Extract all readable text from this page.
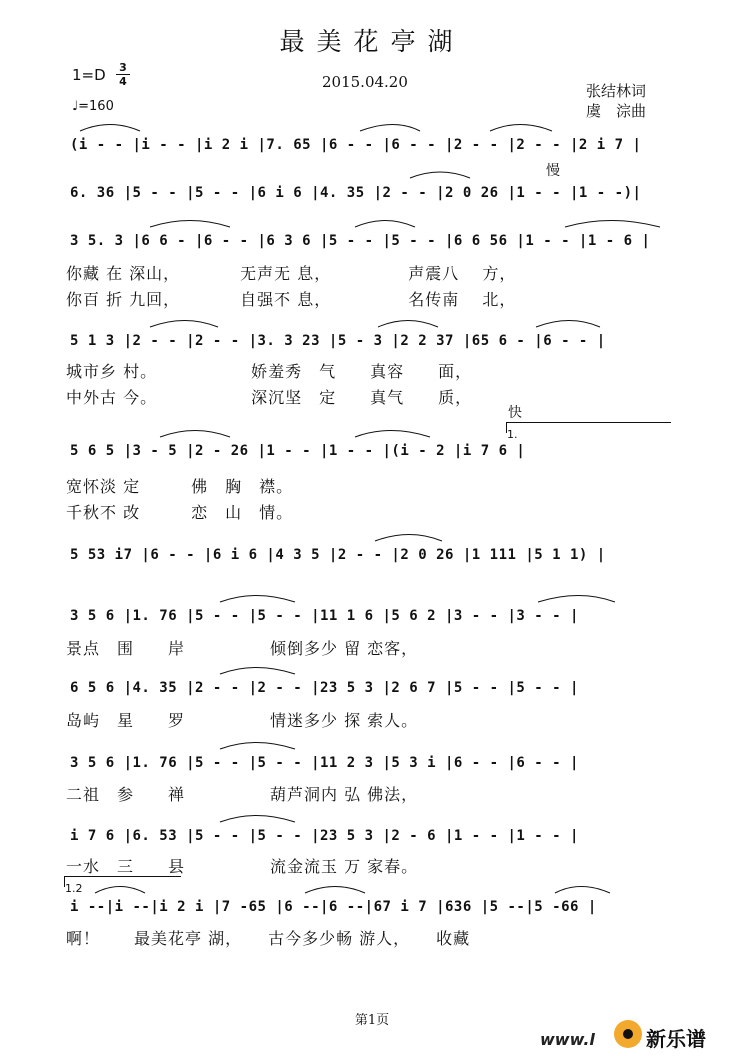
最美花亭湖
1=D 3
4
♩=160
2015.04.20	张结林词
虞　淙曲
慢
快
1.
1.2
(i - - |i - - |i 2 i |7. 65 |6 - - |6 - - |2 - - |2 - - |2 i 7 |
6. 36 |5 - - |5 - - |6 i 6 |4. 35 |2 - - |2 0 26 |1 - - |1 - -)|
3 5. 3 |6 6 - |6 - - |6 3 6 |5 - - |5 - - |6 6 56 |1 - - |1 - 6 |
你藏 在 深山，　　　　无声无 息，　　　　　声震八　 方，
你百 折 九回，　　　　自强不 息，　　　　　名传南　 北，
5 1 3 |2 - - |2 - - |3. 3 23 |5 - 3 |2 2 37 |65 6 - |6 - - |
城市乡 村。　　　　　　娇羞秀　气　　真容　　面，
中外古 今。　　　　　　深沉坚　定　　真气　　质，
5 6 5 |3 - 5 |2 - 26 |1 - - |1 - - |(i - 2 |i 7 6 |
宽怀淡 定　　　佛　胸　襟。
千秋不 改　　　恋　山　情。
5 53 i7 |6 - - |6 i 6 |4 3 5 |2 - - |2 0 26 |1 111 |5 1 1) |
3 5 6 |1. 76 |5 - - |5 - - |11 1 6 |5 6 2 |3 - - |3 - - |
景点　围　　岸　　　　　倾倒多少 留 恋客，
6 5 6 |4. 35 |2 - - |2 - - |23 5 3 |2 6 7 |5 - - |5 - - |
岛屿　星　　罗　　　　　情迷多少 探 索人。
3 5 6 |1. 76 |5 - - |5 - - |11 2 3 |5 3 i |6 - - |6 - - |
二祖　参　　禅　　　　　葫芦洞内 弘 佛法，
i 7 6 |6. 53 |5 - - |5 - - |23 5 3 |2 - 6 |1 - - |1 - - |
一水　三　　县　　　　　流金流玉 万 家春。
i --|i --|i 2 i |7 -65 |6 --|6 --|67 i 7 |636 |5 --|5 -66 |
啊！　　最美花亭 湖，　　古今多少畅 游人，　　收藏
第1页
www.l	新乐谱
